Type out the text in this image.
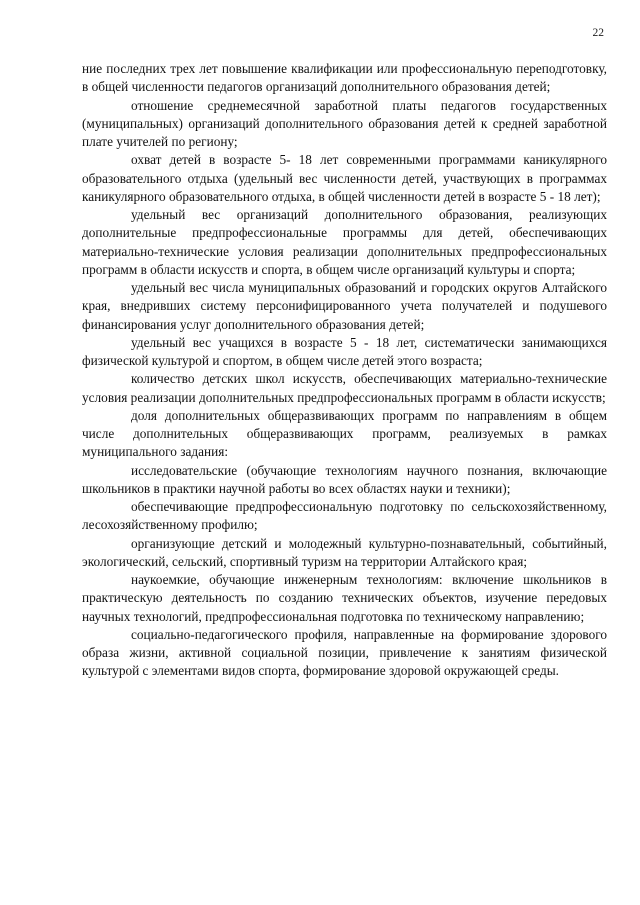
22

ние последних трех лет повышение квалификации или профессиональную переподготовку, в общей численности педагогов организаций дополнительного образования детей;

отношение среднемесячной заработной платы педагогов государственных (муниципальных) организаций дополнительного образования детей к средней заработной плате учителей по региону;

охват детей в возрасте 5- 18 лет современными программами каникулярного образовательного отдыха (удельный вес численности детей, участвующих в программах каникулярного образовательного отдыха, в общей численности детей в возрасте 5 - 18 лет);

удельный вес организаций дополнительного образования, реализующих дополнительные предпрофессиональные программы для детей, обеспечивающих материально-технические условия реализации дополнительных предпрофессиональных программ в области искусств и спорта, в общем числе организаций культуры и спорта;

удельный вес числа муниципальных образований и городских округов Алтайского края, внедривших систему персонифицированного учета получателей и подушевого финансирования услуг дополнительного образования детей;

удельный вес учащихся в возрасте 5 - 18 лет, систематически занимающихся физической культурой и спортом, в общем числе детей этого возраста;

количество детских школ искусств, обеспечивающих материально-технические условия реализации дополнительных предпрофессиональных программ в области искусств;

доля дополнительных общеразвивающих программ по направлениям в общем числе дополнительных общеразвивающих программ, реализуемых в рамках муниципального задания:

исследовательские (обучающие технологиям научного познания, включающие школьников в практики научной работы во всех областях науки и техники);

обеспечивающие предпрофессиональную подготовку по сельскохозяйственному, лесохозяйственному профилю;

организующие детский и молодежный культурно-познавательный, событийный, экологический, сельский, спортивный туризм на территории Алтайского края;

наукоемкие, обучающие инженерным технологиям: включение школьников в практическую деятельность по созданию технических объектов, изучение передовых научных технологий, предпрофессиональная подготовка по техническому направлению;

социально-педагогического профиля, направленные на формирование здорового образа жизни, активной социальной позиции, привлечение к занятиям физической культурой с элементами видов спорта, формирование здоровой окружающей среды.
